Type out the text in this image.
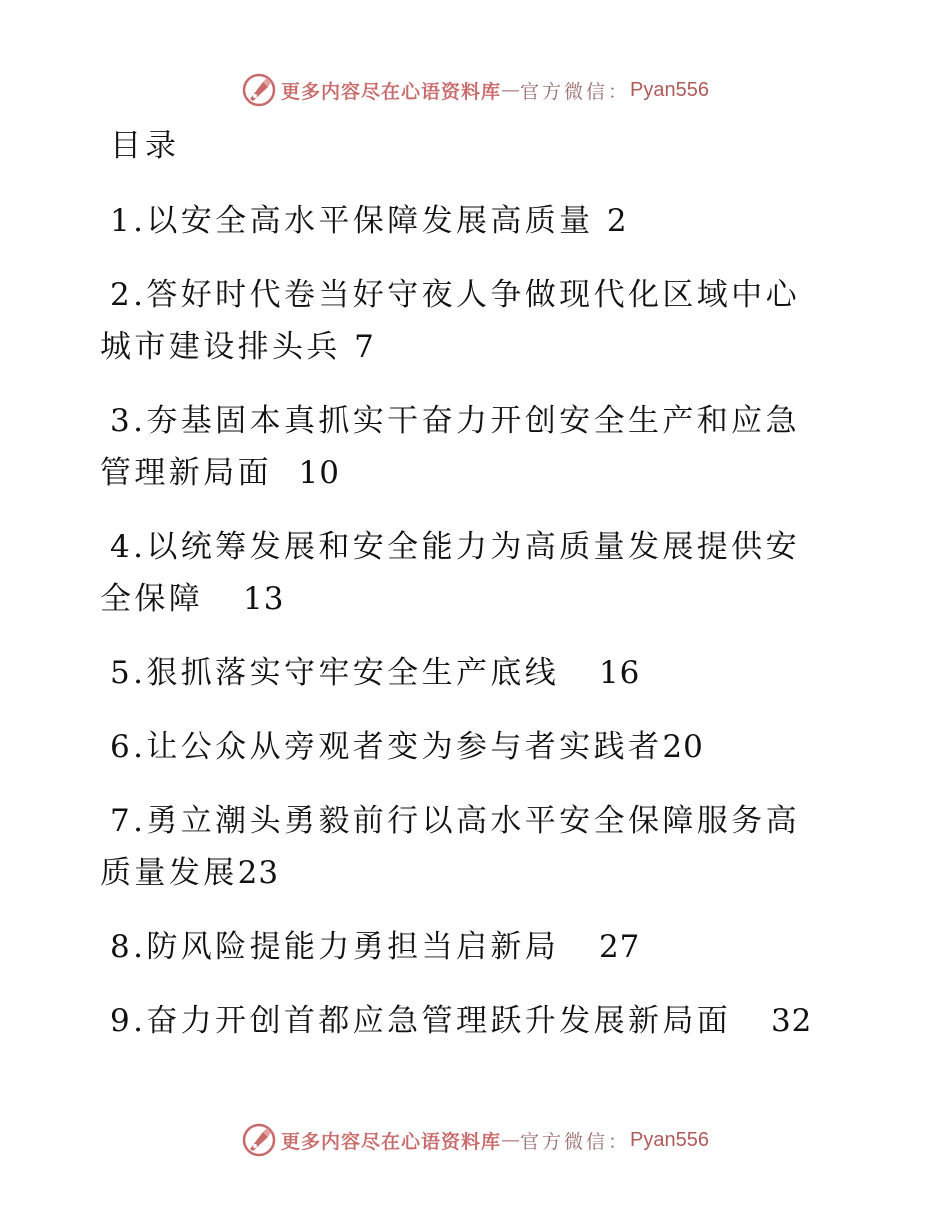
更多内容尽在心语资料库 — 官方微信： Pyan556
目录
1.以安全高水平保障发展高质量 2
2.答好时代卷当好守夜人争做现代化区域中心城市建设排头兵 7
3.夯基固本真抓实干奋力开创安全生产和应急管理新局面  10
4.以统筹发展和安全能力为高质量发展提供安全保障   13
5.狠抓落实守牢安全生产底线   16
6.让公众从旁观者变为参与者实践者20
7.勇立潮头勇毅前行以高水平安全保障服务高质量发展23
8.防风险提能力勇担当启新局   27
9.奋力开创首都应急管理跃升发展新局面   32
更多内容尽在心语资料库 — 官方微信： Pyan556
